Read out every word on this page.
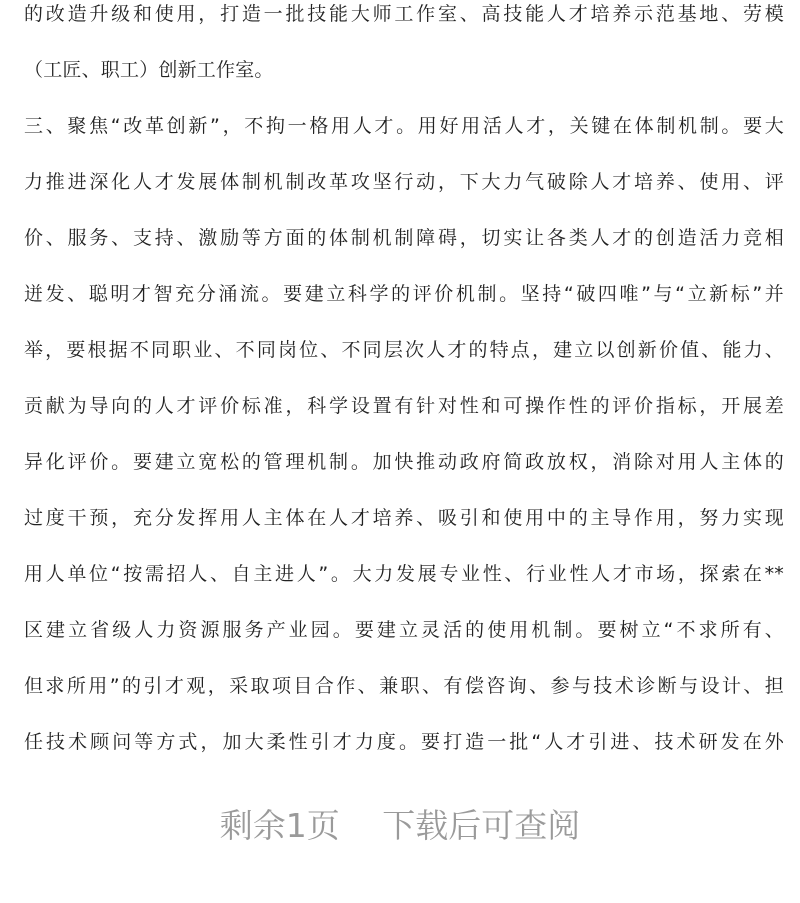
的改造升级和使用，打造一批技能大师工作室、高技能人才培养示范基地、劳模
（工匠、职工）创新工作室。
三、聚焦“改革创新”，不拘一格用人才。用好用活人才，关键在体制机制。要大
力推进深化人才发展体制机制改革攻坚行动，下大力气破除人才培养、使用、评
价、服务、支持、激励等方面的体制机制障碍，切实让各类人才的创造活力竞相
迸发、聪明才智充分涌流。要建立科学的评价机制。坚持“破四唯”与“立新标”并
举，要根据不同职业、不同岗位、不同层次人才的特点，建立以创新价值、能力、
贡献为导向的人才评价标准，科学设置有针对性和可操作性的评价指标，开展差
异化评价。要建立宽松的管理机制。加快推动政府简政放权，消除对用人主体的
过度干预，充分发挥用人主体在人才培养、吸引和使用中的主导作用，努力实现
用人单位“按需招人、自主进人”。大力发展专业性、行业性人才市场，探索在**
区建立省级人力资源服务产业园。要建立灵活的使用机制。要树立“不求所有、
但求所用”的引才观，采取项目合作、兼职、有偿咨询、参与技术诊断与设计、担
任技术顾问等方式，加大柔性引才力度。要打造一批“人才引进、技术研发在外
剩余1页 下载后可查阅
